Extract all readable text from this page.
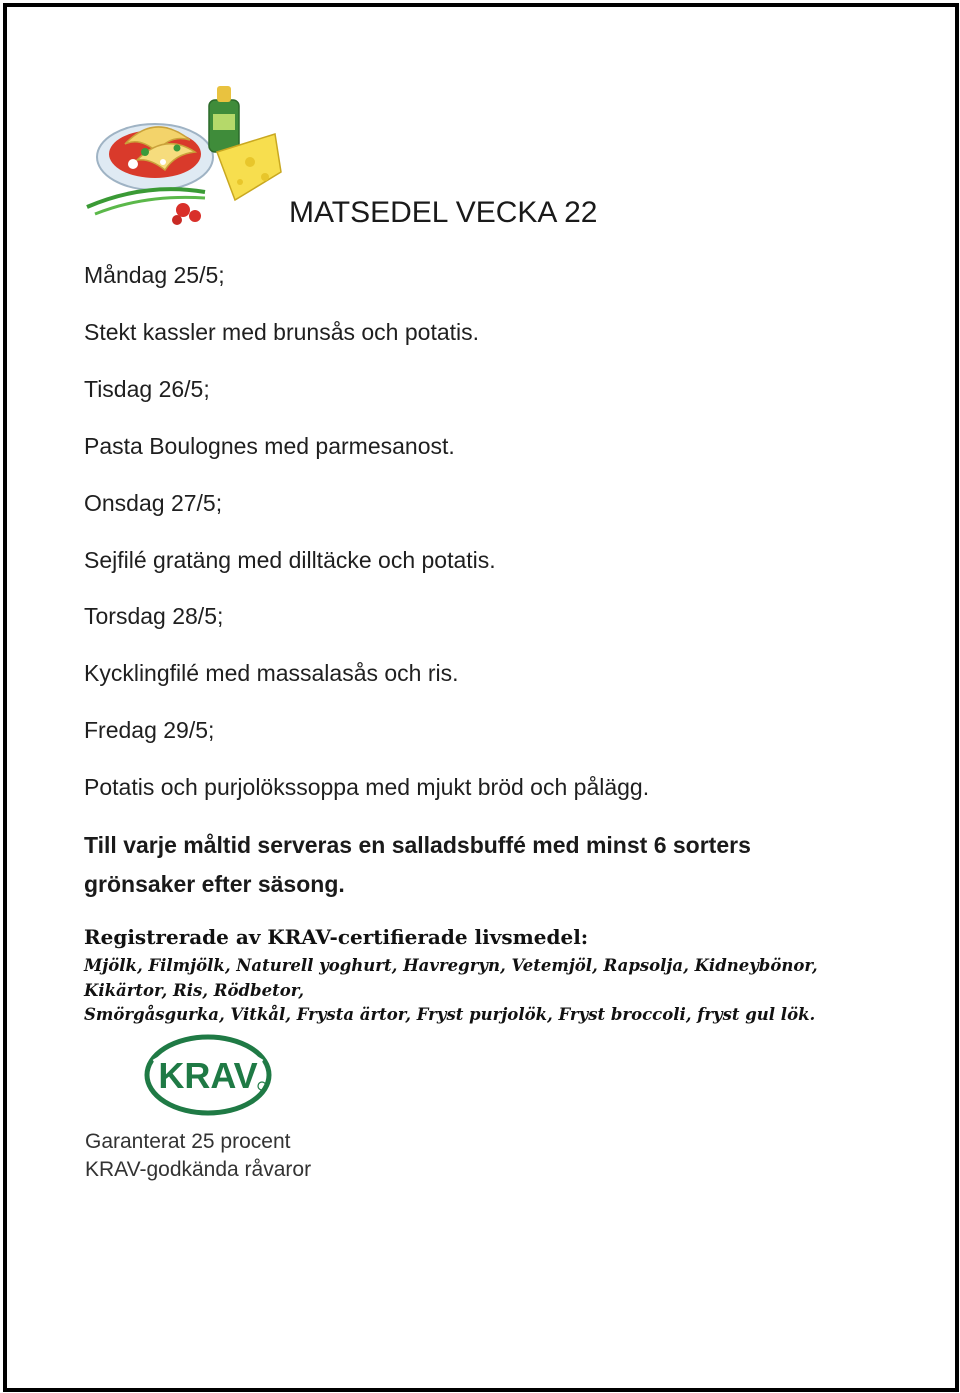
MATSEDEL VECKA 22
Måndag 25/5;
Stekt kassler med brunsås och potatis.
Tisdag 26/5;
Pasta Boulognes med parmesanost.
Onsdag 27/5;
Sejfilé gratäng med dilltäcke och potatis.
Torsdag 28/5;
Kycklingfilé med massalasås och ris.
Fredag 29/5;
Potatis och purjolökssoppa med mjukt bröd och pålägg.
Till varje måltid serveras en salladsbuffé med minst 6 sorters grönsaker efter säsong.
Registrerade av KRAV-certifierade livsmedel:
Mjölk, Filmjölk, Naturell yoghurt, Havregryn, Vetemjöl, Rapsolja, Kidneybönor,
Kikärtor, Ris, Rödbetor,
Smörgåsgurka, Vitkål, Frysta ärtor, Fryst purjolök, Fryst broccoli, fryst gul lök.
KRAV
Garanterat 25 procent
KRAV-godkända råvaror
